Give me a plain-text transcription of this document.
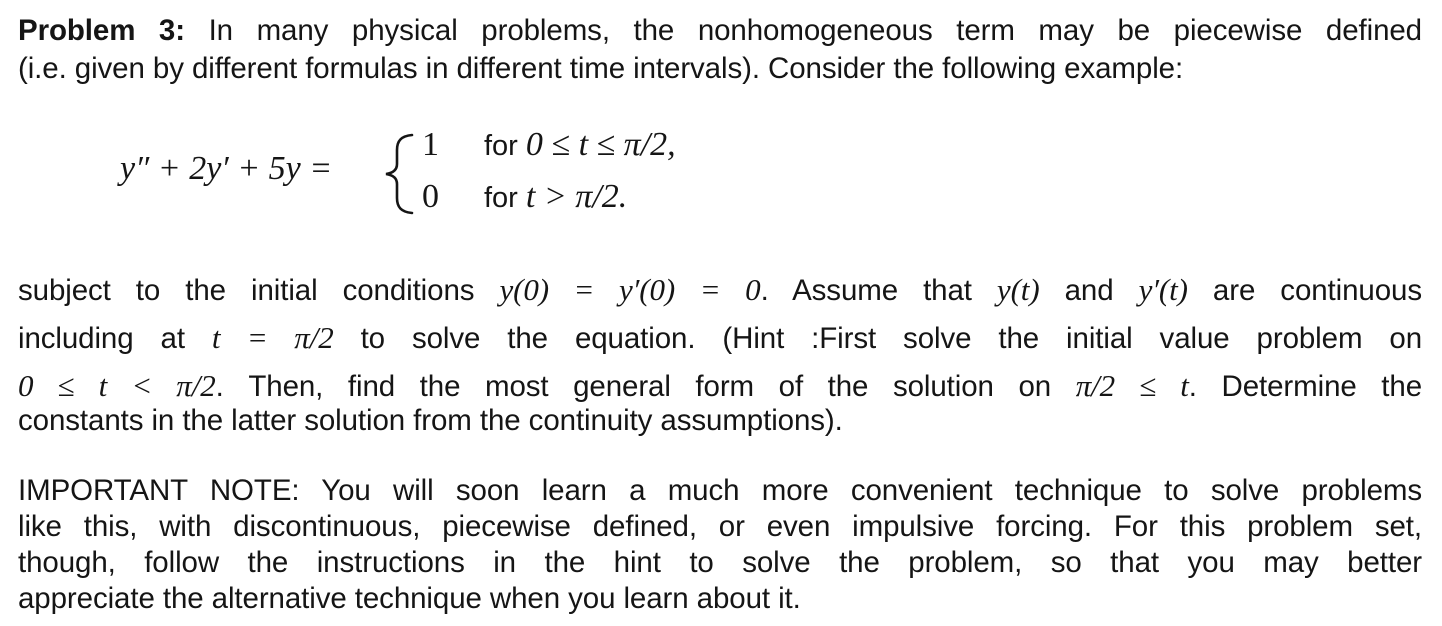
Problem 3: In many physical problems, the nonhomogeneous term may be piecewise defined
(i.e. given by different formulas in different time intervals). Consider the following example:
y″ + 2y′ + 5y =
1 for 0 ≤ t ≤ π/2,
0 for t > π/2.
subject to the initial conditions y(0) = y′(0) = 0. Assume that y(t) and y′(t) are continuous
including at t = π/2 to solve the equation. (Hint :First solve the initial value problem on
0 ≤ t < π/2. Then, find the most general form of the solution on π/2 ≤ t. Determine the
constants in the latter solution from the continuity assumptions).
IMPORTANT NOTE: You will soon learn a much more convenient technique to solve problems
like this, with discontinuous, piecewise defined, or even impulsive forcing. For this problem set,
though, follow the instructions in the hint to solve the problem, so that you may better
appreciate the alternative technique when you learn about it.
